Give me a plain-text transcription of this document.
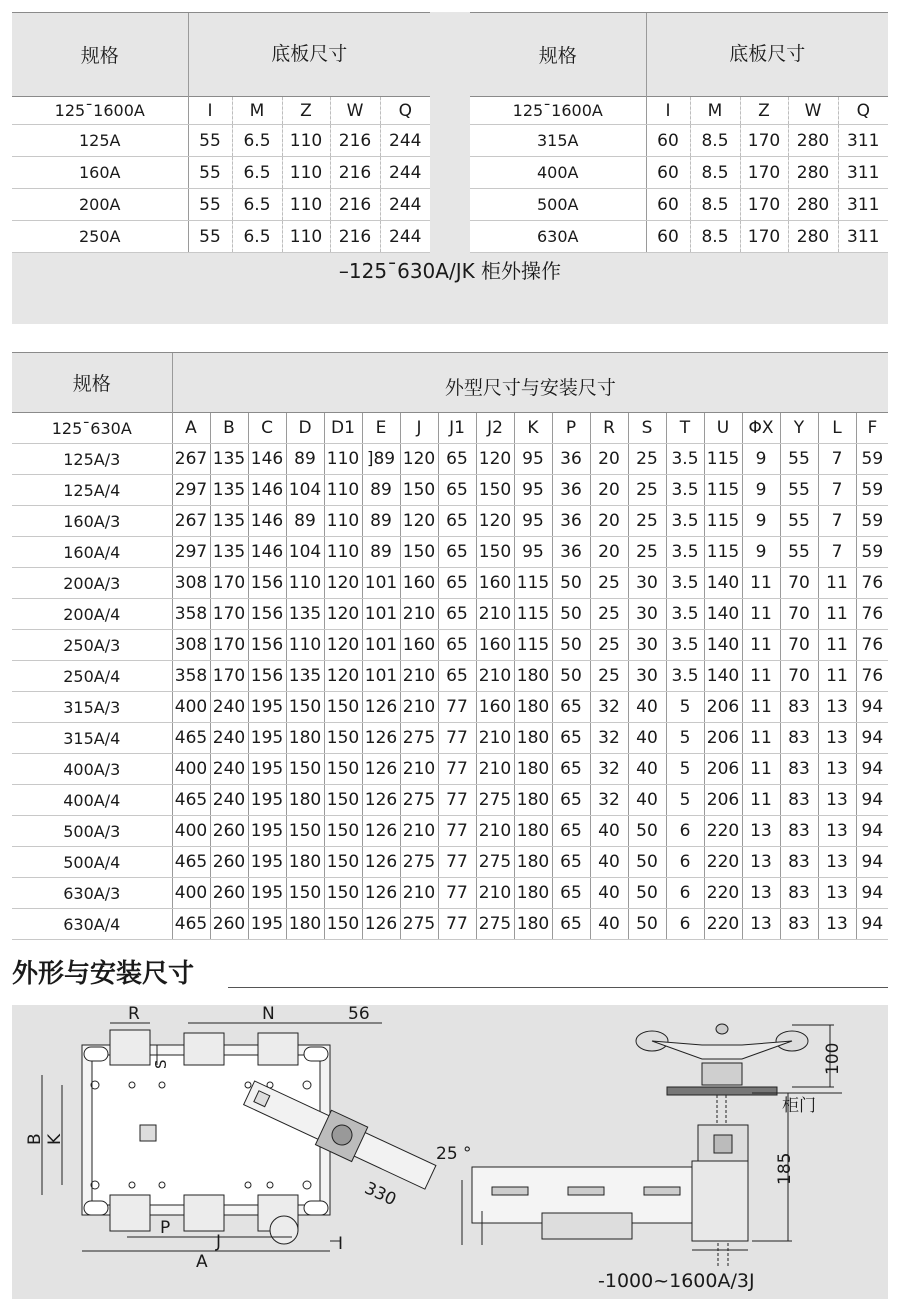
规格	底板尺寸				
125¯1600A	I	M	Z	W	Q
125A	55	6.5	110	216	244
160A	55	6.5	110	216	244
200A	55	6.5	110	216	244
250A	55	6.5	110	216	244
规格	底板尺寸				
125¯1600A	I	M	Z	W	Q
315A	60	8.5	170	280	311
400A	60	8.5	170	280	311
500A	60	8.5	170	280	311
630A	60	8.5	170	280	311
–125¯630A/JK 柜外操作
规格	外型尺寸与安装尺寸																		
125¯630A	A	B	C	D	D1	E	J	J1	J2	K	P	R	S	T	U	ΦX	Y	L	F
125A/3	267	135	146	89	110	]89	120	65	120	95	36	20	25	3.5	115	9	55	7	59
125A/4	297	135	146	104	110	89	150	65	150	95	36	20	25	3.5	115	9	55	7	59
160A/3	267	135	146	89	110	89	120	65	120	95	36	20	25	3.5	115	9	55	7	59
160A/4	297	135	146	104	110	89	150	65	150	95	36	20	25	3.5	115	9	55	7	59
200A/3	308	170	156	110	120	101	160	65	160	115	50	25	30	3.5	140	11	70	11	76
200A/4	358	170	156	135	120	101	210	65	210	115	50	25	30	3.5	140	11	70	11	76
250A/3	308	170	156	110	120	101	160	65	160	115	50	25	30	3.5	140	11	70	11	76
250A/4	358	170	156	135	120	101	210	65	210	180	50	25	30	3.5	140	11	70	11	76
315A/3	400	240	195	150	150	126	210	77	160	180	65	32	40	5	206	11	83	13	94
315A/4	465	240	195	180	150	126	275	77	210	180	65	32	40	5	206	11	83	13	94
400A/3	400	240	195	150	150	126	210	77	210	180	65	32	40	5	206	11	83	13	94
400A/4	465	240	195	180	150	126	275	77	275	180	65	32	40	5	206	11	83	13	94
500A/3	400	260	195	150	150	126	210	77	210	180	65	40	50	6	220	13	83	13	94
500A/4	465	260	195	180	150	126	275	77	275	180	65	40	50	6	220	13	83	13	94
630A/3	400	260	195	150	150	126	210	77	210	180	65	40	50	6	220	13	83	13	94
630A/4	465	260	195	180	150	126	275	77	275	180	65	40	50	6	220	13	83	13	94
外形与安装尺寸
R
S
N	56
B K
P
J
A
I
25 °
330
100
柜门
185
-1000~1600A/3J
